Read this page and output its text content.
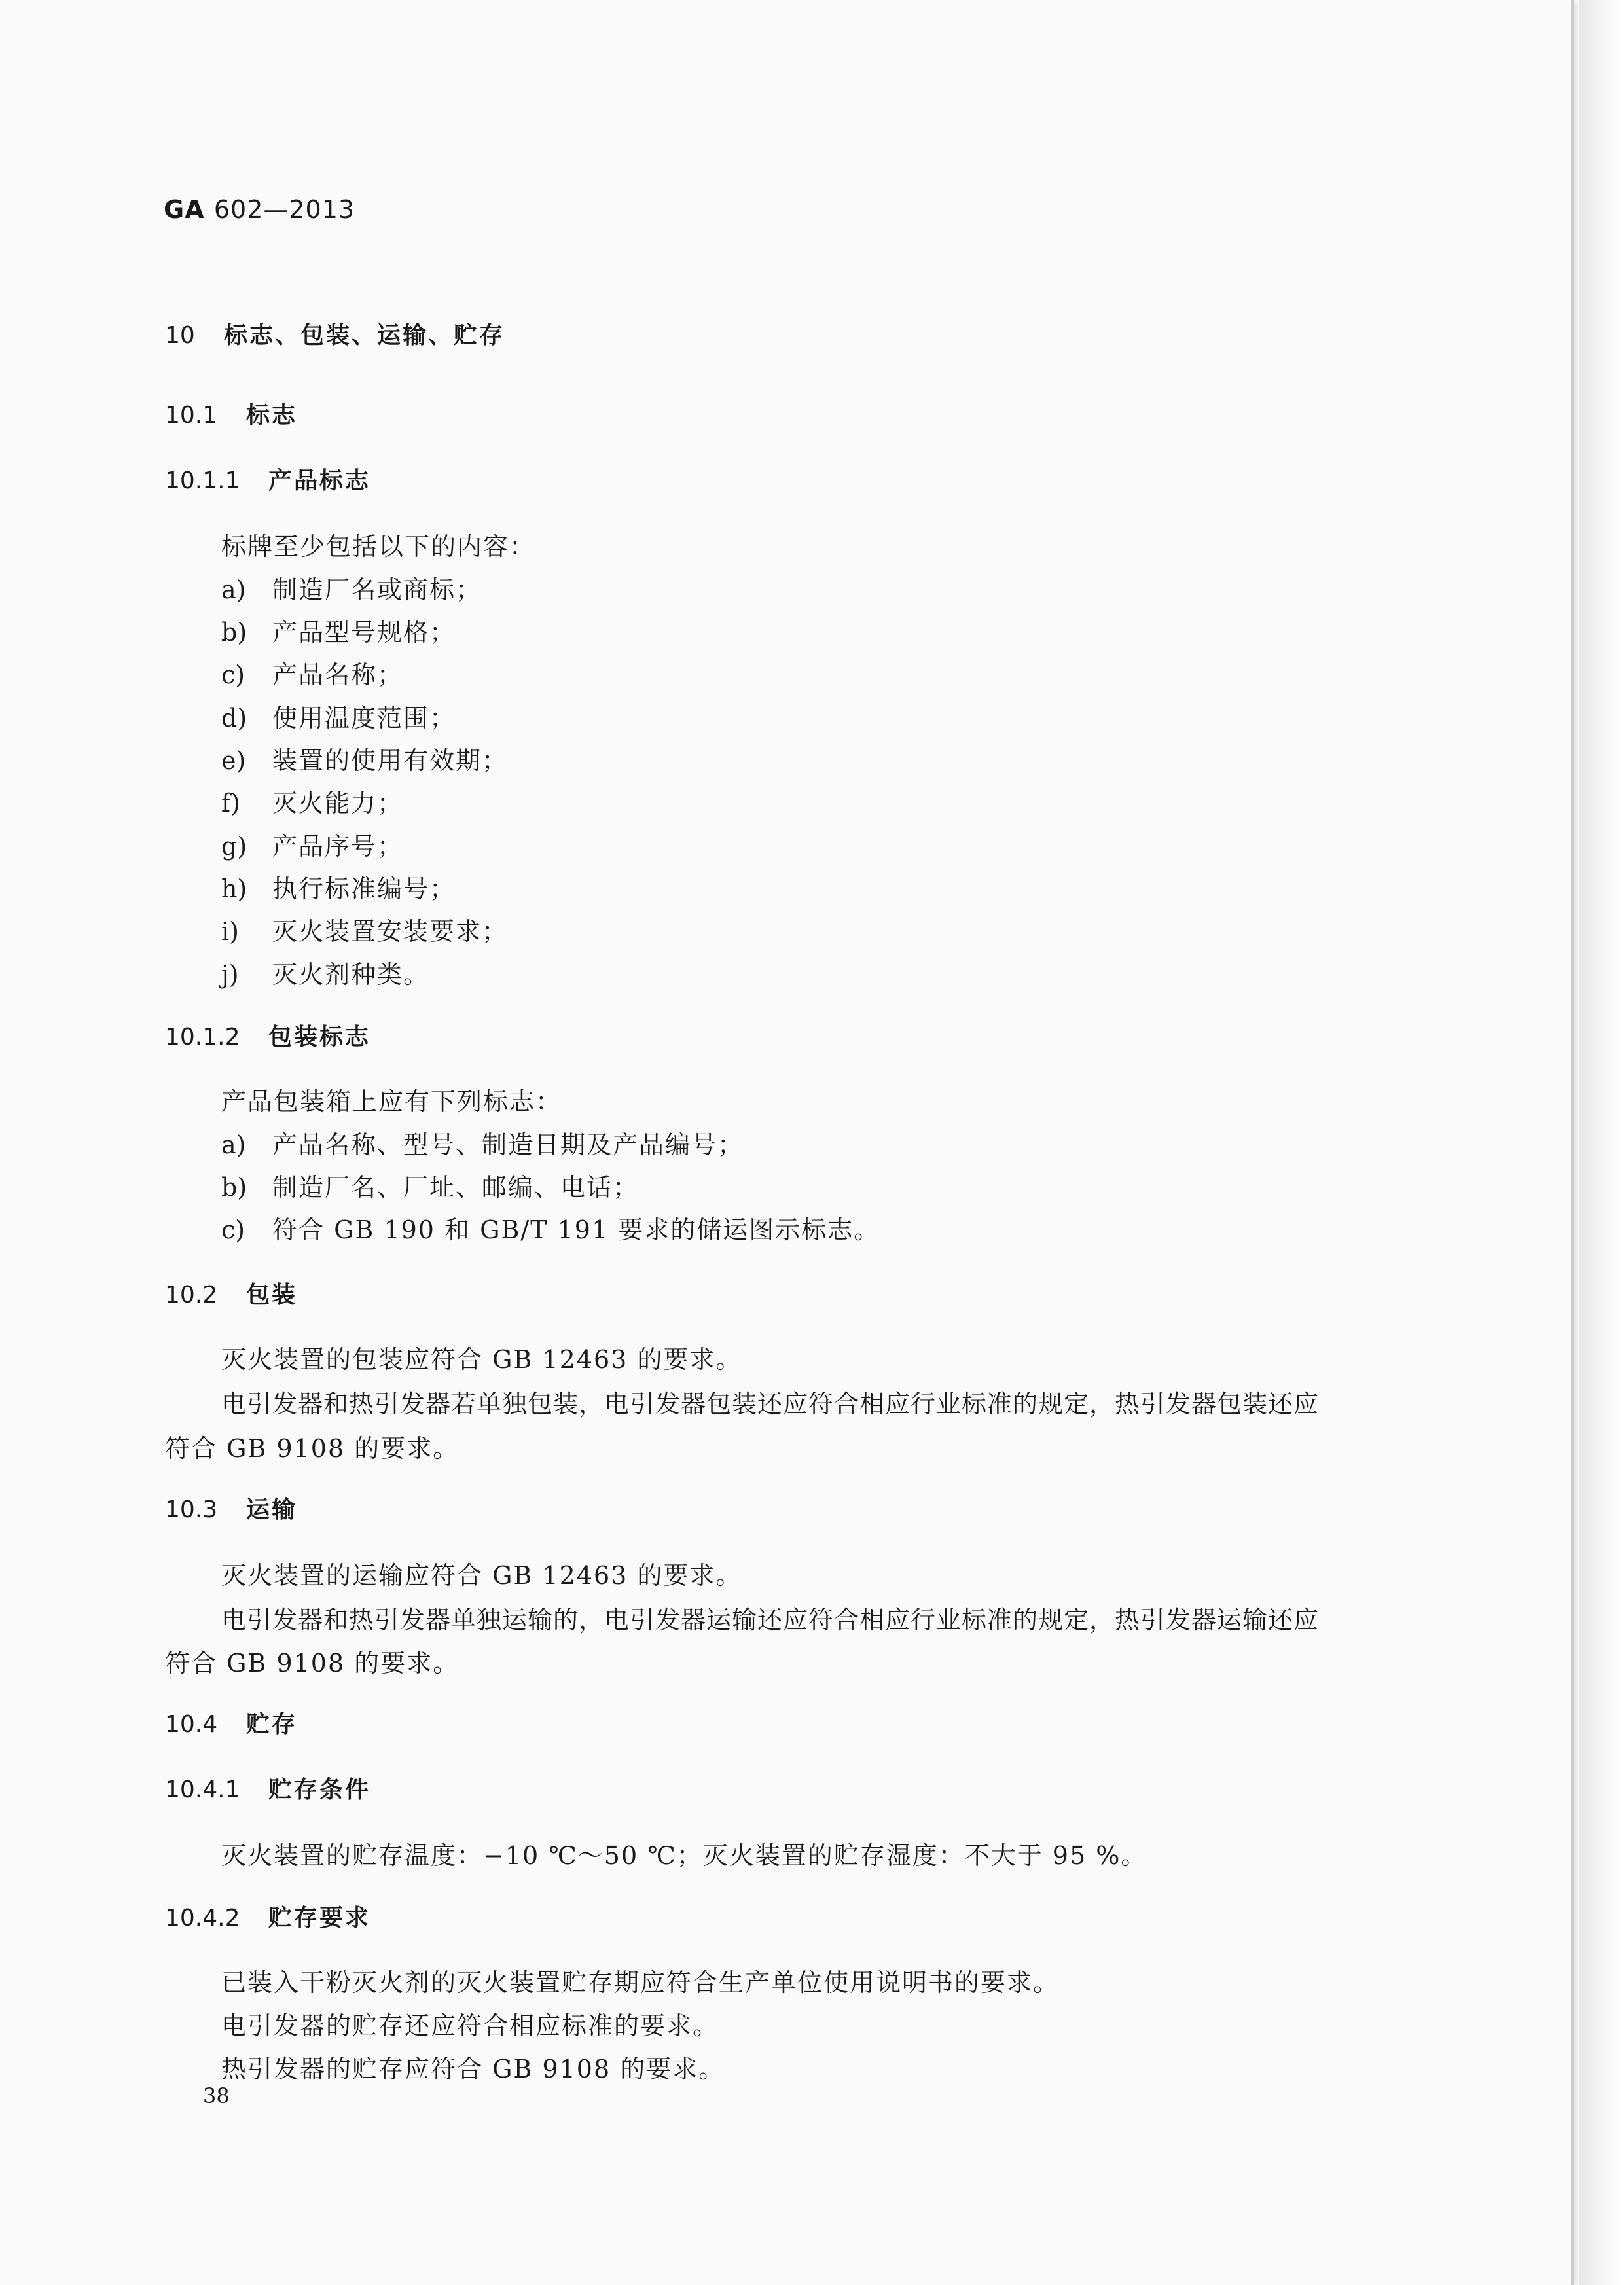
GA 602—2013
10 标志、包装、运输、贮存
10.1 标志
10.1.1 产品标志
标牌至少包括以下的内容：
a) 制造厂名或商标；
b) 产品型号规格；
c) 产品名称；
d) 使用温度范围；
e) 装置的使用有效期；
f) 灭火能力；
g) 产品序号；
h) 执行标准编号；
i) 灭火装置安装要求；
j) 灭火剂种类。
10.1.2 包装标志
产品包装箱上应有下列标志：
a) 产品名称、型号、制造日期及产品编号；
b) 制造厂名、厂址、邮编、电话；
c) 符合 GB 190 和 GB/T 191 要求的储运图示标志。
10.2 包装
灭火装置的包装应符合 GB 12463 的要求。
电引发器和热引发器若单独包装，电引发器包装还应符合相应行业标准的规定，热引发器包装还应
符合 GB 9108 的要求。
10.3 运输
灭火装置的运输应符合 GB 12463 的要求。
电引发器和热引发器单独运输的，电引发器运输还应符合相应行业标准的规定，热引发器运输还应
符合 GB 9108 的要求。
10.4 贮存
10.4.1 贮存条件
灭火装置的贮存温度：−10 ℃～50 ℃；灭火装置的贮存湿度：不大于 95 %。
10.4.2 贮存要求
已装入干粉灭火剂的灭火装置贮存期应符合生产单位使用说明书的要求。
电引发器的贮存还应符合相应标准的要求。
热引发器的贮存应符合 GB 9108 的要求。
38
